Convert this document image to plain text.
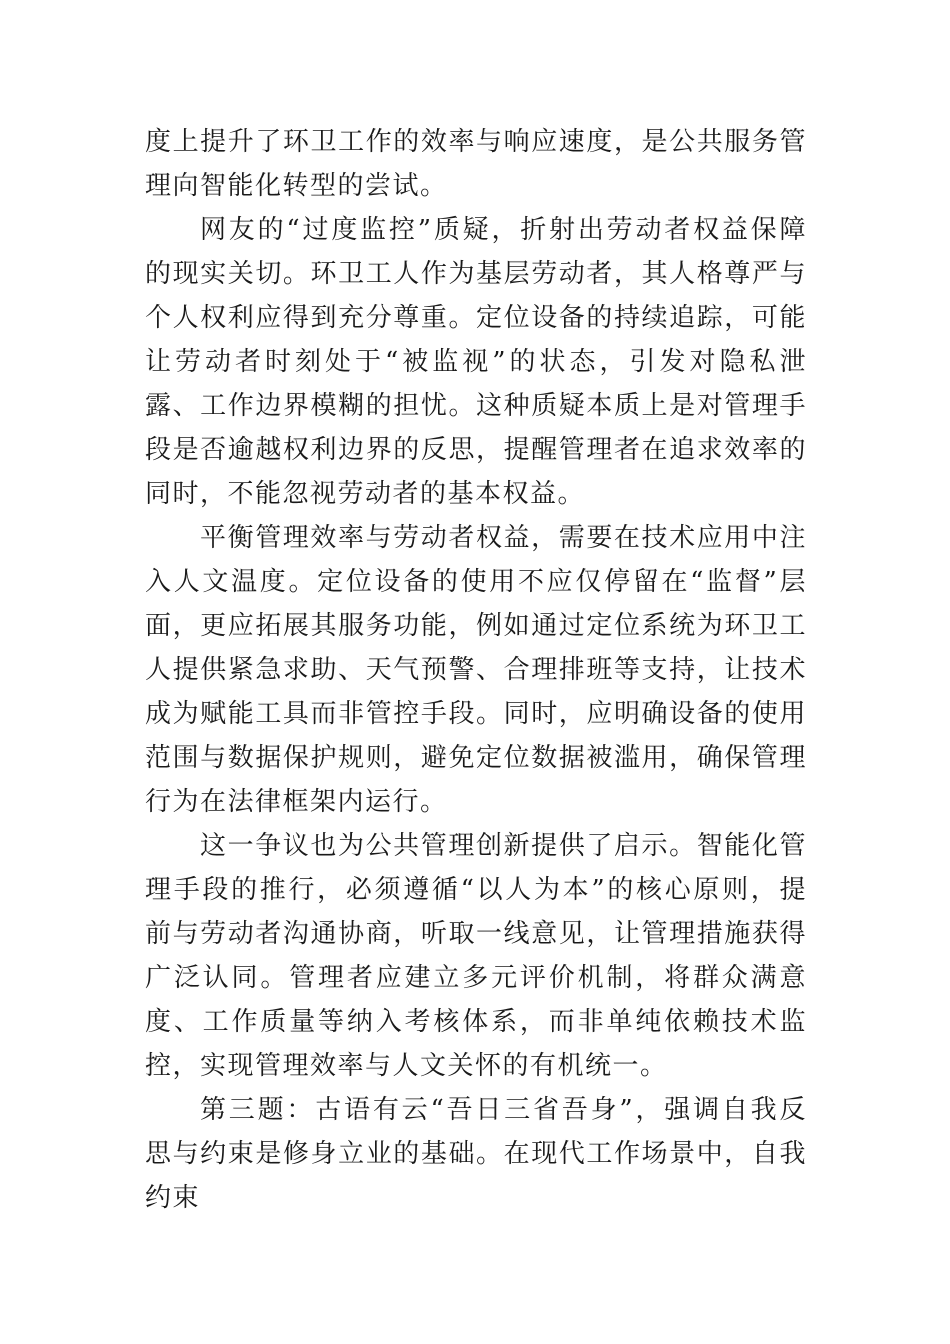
度上提升了环卫工作的效率与响应速度，是公共服务管理向智能化转型的尝试。

网友的“过度监控”质疑，折射出劳动者权益保障的现实关切。环卫工人作为基层劳动者，其人格尊严与个人权利应得到充分尊重。定位设备的持续追踪，可能让劳动者时刻处于“被监视”的状态，引发对隐私泄露、工作边界模糊的担忧。这种质疑本质上是对管理手段是否逾越权利边界的反思，提醒管理者在追求效率的同时，不能忽视劳动者的基本权益。

平衡管理效率与劳动者权益，需要在技术应用中注入人文温度。定位设备的使用不应仅停留在“监督”层面，更应拓展其服务功能，例如通过定位系统为环卫工人提供紧急求助、天气预警、合理排班等支持，让技术成为赋能工具而非管控手段。同时，应明确设备的使用范围与数据保护规则，避免定位数据被滥用，确保管理行为在法律框架内运行。

这一争议也为公共管理创新提供了启示。智能化管理手段的推行，必须遵循“以人为本”的核心原则，提前与劳动者沟通协商，听取一线意见，让管理措施获得广泛认同。管理者应建立多元评价机制，将群众满意度、工作质量等纳入考核体系，而非单纯依赖技术监控，实现管理效率与人文关怀的有机统一。

第三题：古语有云“吾日三省吾身”，强调自我反思与约束是修身立业的基础。在现代工作场景中，自我约束
